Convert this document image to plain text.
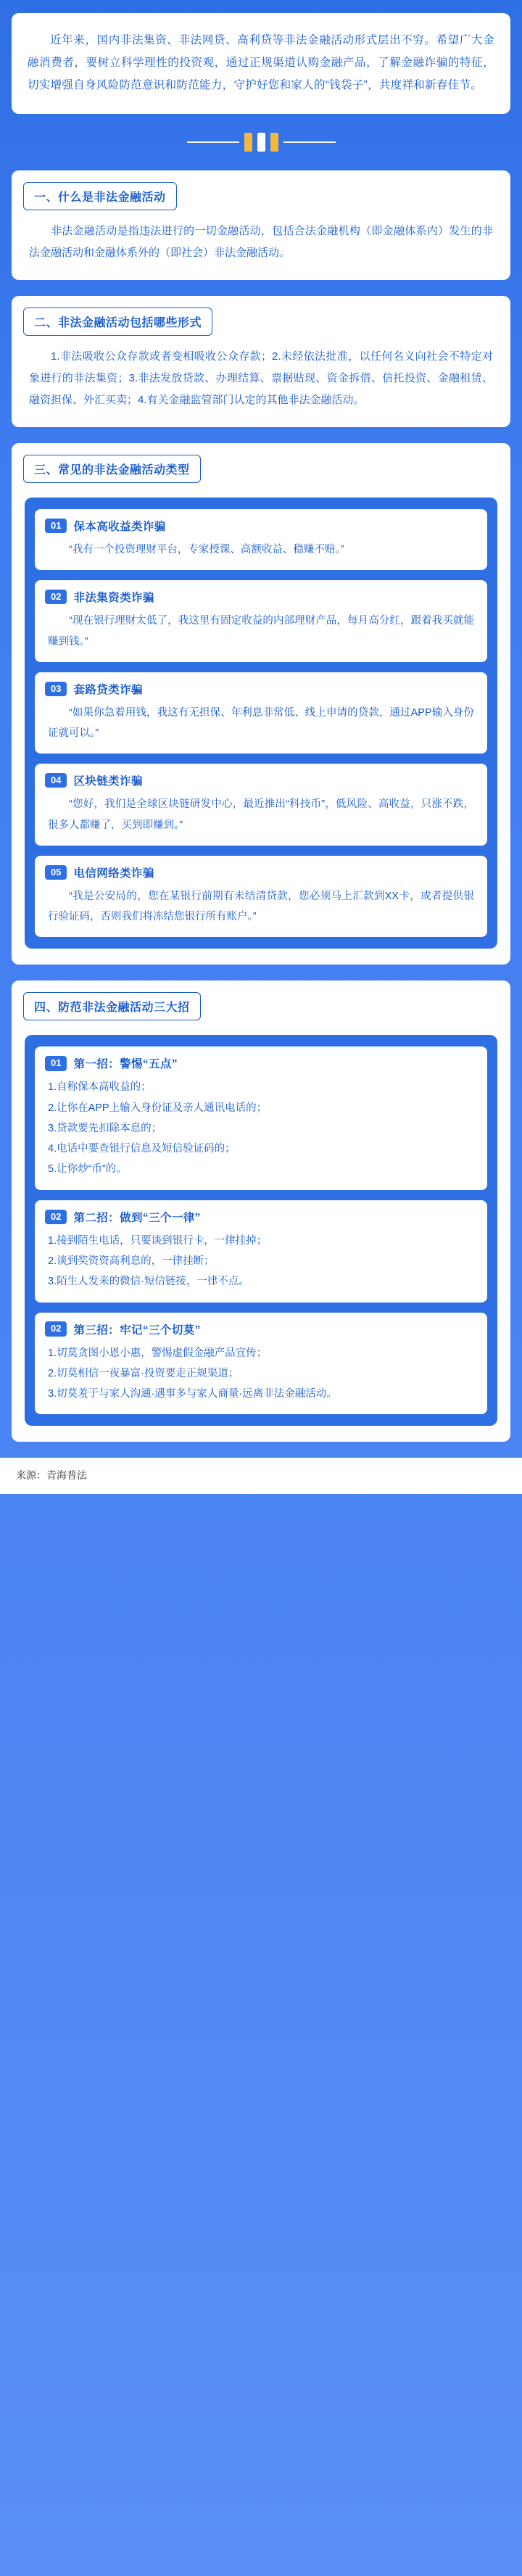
近年来，国内非法集资、非法网贷、高利贷等非法金融活动形式层出不穷。希望广大金融消费者，要树立科学理性的投资观，通过正规渠道认购金融产品，了解金融诈骗的特征，切实增强自身风险防范意识和防范能力，守护好您和家人的“钱袋子”，共度祥和新春佳节。

一、什么是非法金融活动
非法金融活动是指违法进行的一切金融活动，包括合法金融机构（即金融体系内）发生的非法金融活动和金融体系外的（即社会）非法金融活动。
二、非法金融活动包括哪些形式
1.非法吸收公众存款或者变相吸收公众存款；2.未经依法批准，以任何名义向社会不特定对象进行的非法集资；3.非法发放贷款、办理结算、票据贴现、资金拆借、信托投资、金融租赁、融资担保、外汇买卖；4.有关金融监管部门认定的其他非法金融活动。
三、常见的非法金融活动类型
01	保本高收益类诈骗
“我有一个投资理财平台，专家授课、高额收益、稳赚不赔。”
02	非法集资类诈骗
“现在银行理财太低了，我这里有固定收益的内部理财产品，每月高分红，跟着我买就能赚到钱。”
03	套路贷类诈骗
“如果你急着用钱，我这有无担保、年利息非常低、线上申请的贷款，通过APP输入身份证就可以。”
04	区块链类诈骗
“您好，我们是全球区块链研发中心，最近推出“科技币”，低风险、高收益，只涨不跌，很多人都赚了，买到即赚到。”
05	电信网络类诈骗
“我是公安局的，您在某银行前期有未结清贷款，您必须马上汇款到XX卡，或者提供银行验证码，否则我们将冻结您银行所有账户。”
四、防范非法金融活动三大招
01	第一招：警惕“五点”
1.自称保本高收益的；
2.让你在APP上输入身份证及亲人通讯电话的；
3.贷款要先扣除本息的；
4.电话中要查银行信息及短信验证码的；
5.让你炒“币”的。
02	第二招：做到“三个一律”
1.接到陌生电话，只要谈到银行卡，一律挂掉；
2.谈到奖资资高利息的，一律挂断；
3.陌生人发来的微信·短信链接，一律不点。
02	第三招：牢记“三个切莫”
1.切莫贪图小恩小惠，警惕虚假金融产品宣传；
2.切莫相信一夜暴富·投资要走正规渠道；
3.切莫羞于与家人沟通·遇事多与家人商量·远离非法金融活动。
来源：青海普法
